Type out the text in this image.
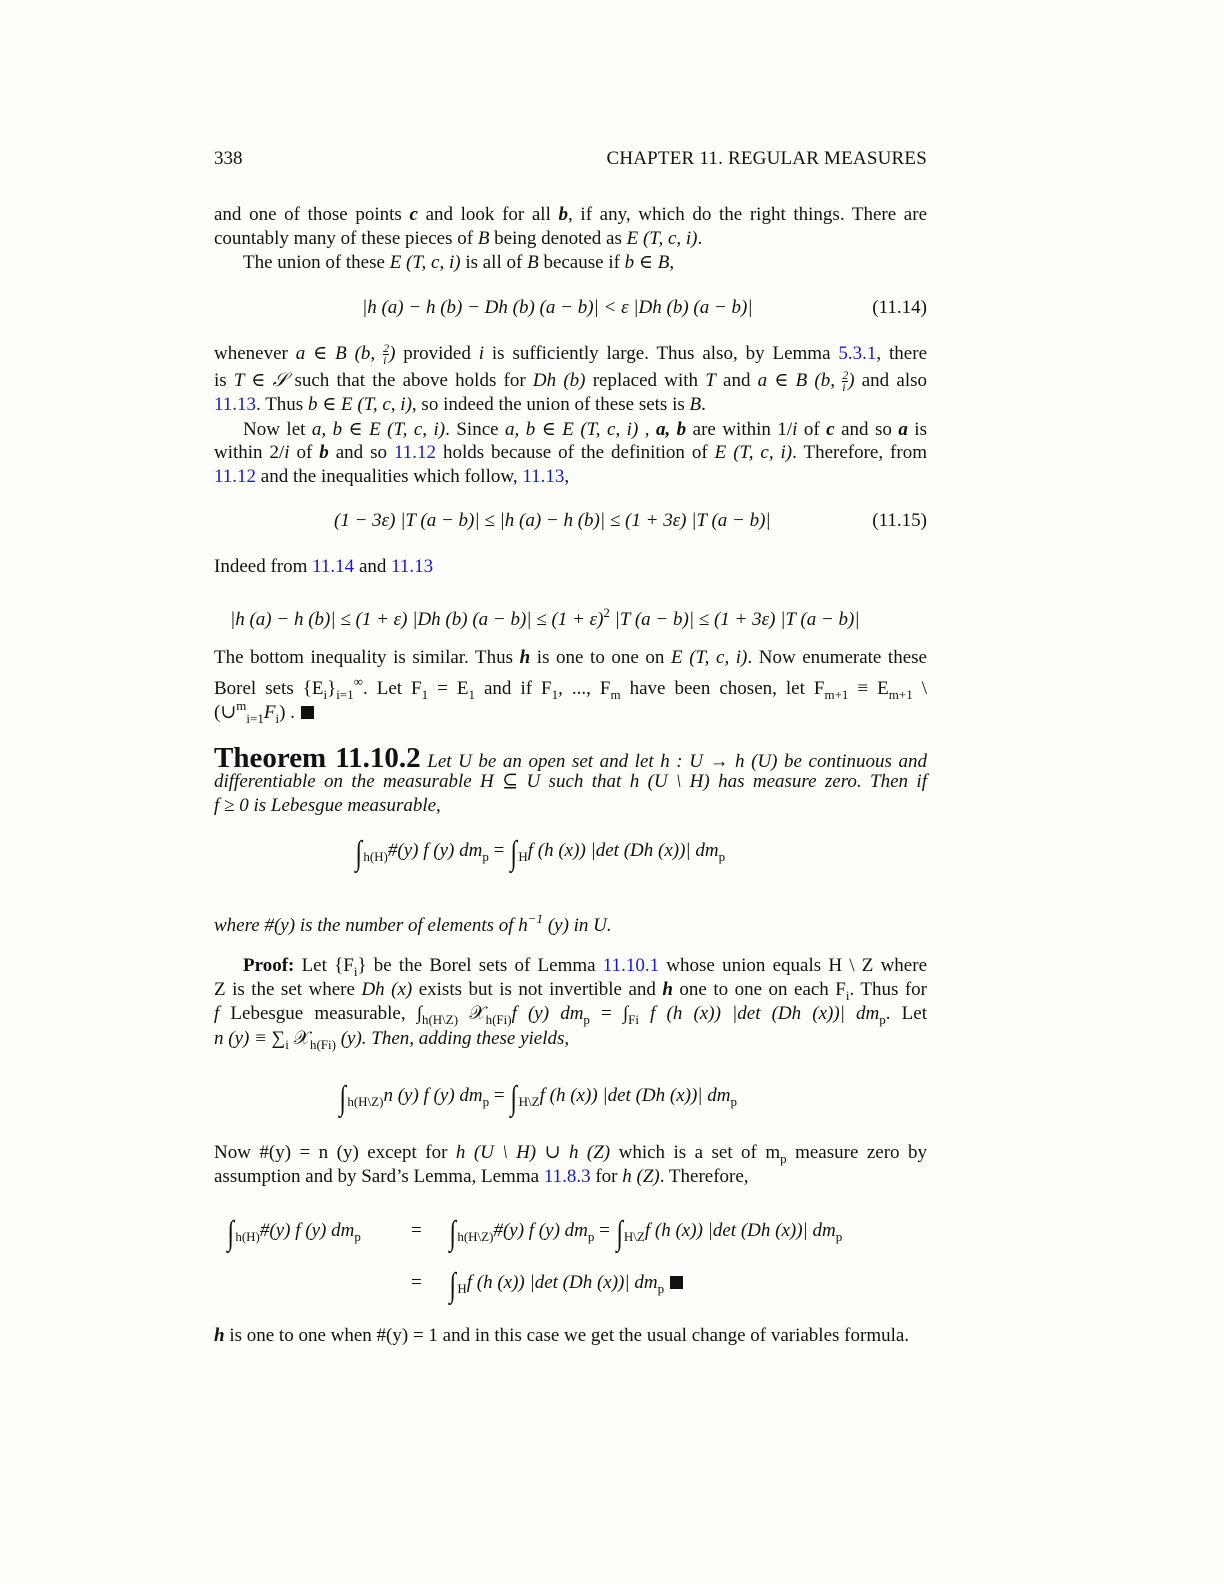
338	CHAPTER 11. REGULAR MEASURES
and one of those points c and look for all b, if any, which do the right things. There are
countably many of these pieces of B being denoted as E (T, c, i).
The union of these E (T, c, i) is all of B because if b ∈ B,
|h (a) − h (b) − Dh (b) (a − b)| < ε |Dh (b) (a − b)|	(11.14)
whenever a ∈ B (b, $\frac{2}{i}$ ) provided i is sufficiently large. Thus also, by Lemma 5.3.1, there
is T ∈ 𝒮 such that the above holds for Dh (b) replaced with T and a ∈ B (b, $\frac{2}{i}$ ) and also
11.13. Thus b ∈ E (T, c, i), so indeed the union of these sets is B.
Now let a, b ∈ E (T, c, i). Since a, b ∈ E (T, c, i) , a, b are within 1/i of c and so a is
within 2/i of b and so 11.12 holds because of the definition of E (T, c, i). Therefore, from
11.12 and the inequalities which follow, 11.13,
(1 − 3ε) |T (a − b)| ≤ |h (a) − h (b)| ≤ (1 + 3ε) |T (a − b)|	(11.15)
Indeed from 11.14 and 11.13
|h (a) − h (b)| ≤ (1 + ε) |Dh (b) $(a - b)| \le (1 + \varepsilon)^2$ |T (a − b)| ≤ (1 + 3ε) |T (a − b)|
The bottom inequality is similar. Thus h is one to one on E (T, c, i). Now enumerate these
Borel sets $\{E_i\}_{i=1}^\infty$. Let $F_1 = E_1$ and if $F_1$, ..., $F_m$ have been chosen, let $F_{m+1} \equiv E_{m+1}$ \
$(\cup^m_{i=1}F_i)$ .
Theorem 11.10.2 Let U be an open set and let h : U → h (U) be continuous and
differentiable on the measurable H ⊆ U such that h (U \ H) has measure zero. Then if
f ≥ 0 is Lebesgue measurable,
$\int_{h(H)}\#(y)$ f (y) $dm_p = \int_Hf$ (h (x)) |det (Dh (x))| $dm_p$
where #(y) is the number of elements of $h^{-1}$ (y) in U.
Proof: Let $\{F_i\}$ be the Borel sets of Lemma 11.10.1 whose union equals H \ Z where
Z is the set where Dh (x) exists but is not invertible and h one to one on each $F_i$. Thus for
f Lebesgue measurable, $\int_{h(H\backslash Z)}$ 𝒳$_{h(Fi)}$f (y) $dm_p = \int_{Fi}$ f (h (x)) |det (Dh (x))| $dm_p$. Let
n $(y) \equiv \sum_i$ 𝒳$_{h(Fi)}$ (y). Then, adding these yields,
$\int_{h(H\backslash Z)}n$ (y) f (y) $dm_p = \int_{H\backslash Z}f$ (h (x)) |det (Dh (x))| $dm_p$
Now #(y) = n (y) except for h (U \ H) ∪ h (Z) which is a set of $m_p$ measure zero by
assumption and by Sard’s Lemma, Lemma 11.8.3 for h (Z). Therefore,
$\int_{h(H)}\#(y)$ f (y) $dm_p$	= $\int_{h(H\backslash Z)}\#(y)$ f (y) $dm_p = \int_{H\backslash Z}f$ (h (x)) |det (Dh (x))| $dm_p$
= $\int_Hf$ (h (x)) |det (Dh (x))| $dm_p$
h is one to one when #(y) = 1 and in this case we get the usual change of variables formula.
